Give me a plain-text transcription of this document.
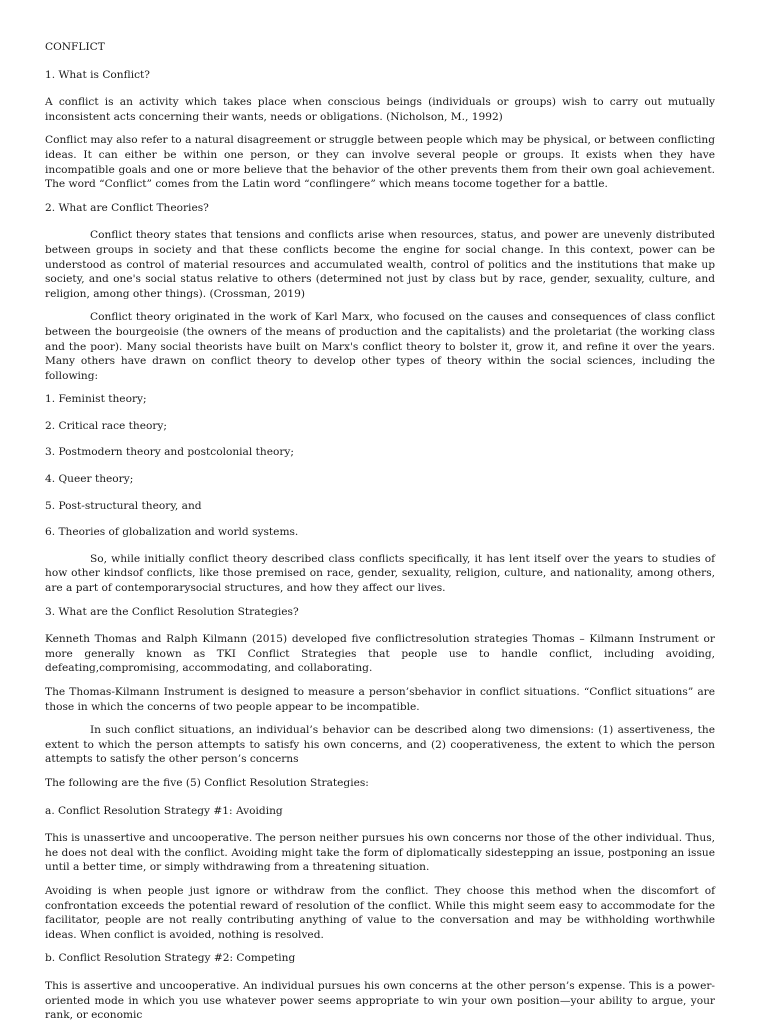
CONFLICT

1. What is Conflict?

A conflict is an activity which takes place when conscious beings (individuals or groups) wish to carry out mutually inconsistent acts concerning their wants, needs or obligations. (Nicholson, M., 1992)

Conflict may also refer to a natural disagreement or struggle between people which may be physical, or between conflicting ideas. It can either be within one person, or they can involve several people or groups. It exists when they have incompatible goals and one or more believe that the behavior of the other prevents them from their own goal achievement. The word “Conflict” comes from the Latin word “conflingere” which means tocome together for a battle.

2. What are Conflict Theories?

Conflict theory states that tensions and conflicts arise when resources, status, and power are unevenly distributed between groups in society and that these conflicts become the engine for social change. In this context, power can be understood as control of material resources and accumulated wealth, control of politics and the institutions that make up society, and one's social status relative to others (determined not just by class but by race, gender, sexuality, culture, and religion, among other things). (Crossman, 2019)

Conflict theory originated in the work of Karl Marx, who focused on the causes and consequences of class conflict between the bourgeoisie (the owners of the means of production and the capitalists) and the proletariat (the working class and the poor). Many social theorists have built on Marx's conflict theory to bolster it, grow it, and refine it over the years. Many others have drawn on conflict theory to develop other types of theory within the social sciences, including the following:

1. Feminist theory;

2. Critical race theory;

3. Postmodern theory and postcolonial theory;

4. Queer theory;

5. Post-structural theory, and

6. Theories of globalization and world systems.

So, while initially conflict theory described class conflicts specifically, it has lent itself over the years to studies of how other kindsof conflicts, like those premised on race, gender, sexuality, religion, culture, and nationality, among others, are a part of contemporarysocial structures, and how they affect our lives.

3. What are the Conflict Resolution Strategies?

Kenneth Thomas and Ralph Kilmann (2015) developed five conflictresolution strategies Thomas – Kilmann Instrument or more generally known as TKI Conflict Strategies that people use to handle conflict, including avoiding, defeating,compromising, accommodating, and collaborating.

The Thomas-Kilmann Instrument is designed to measure a person’sbehavior in conflict situations. “Conflict situations” are those in which the concerns of two people appear to be incompatible.

In such conflict situations, an individual’s behavior can be described along two dimensions: (1) assertiveness, the extent to which the person attempts to satisfy his own concerns, and (2) cooperativeness, the extent to which the person attempts to satisfy the other person’s concerns

The following are the five (5) Conflict Resolution Strategies:

a. Conflict Resolution Strategy #1: Avoiding

This is unassertive and uncooperative. The person neither pursues his own concerns nor those of the other individual. Thus, he does not deal with the conflict. Avoiding might take the form of diplomatically sidestepping an issue, postponing an issue until a better time, or simply withdrawing from a threatening situation.

Avoiding is when people just ignore or withdraw from the conflict. They choose this method when the discomfort of confrontation exceeds the potential reward of resolution of the conflict. While this might seem easy to accommodate for the facilitator, people are not really contributing anything of value to the conversation and may be withholding worthwhile ideas. When conflict is avoided, nothing is resolved.

b. Conflict Resolution Strategy #2: Competing

This is assertive and uncooperative. An individual pursues his own concerns at the other person’s expense. This is a power-oriented mode in which you use whatever power seems appropriate to win your own position—your ability to argue, your rank, or economic
